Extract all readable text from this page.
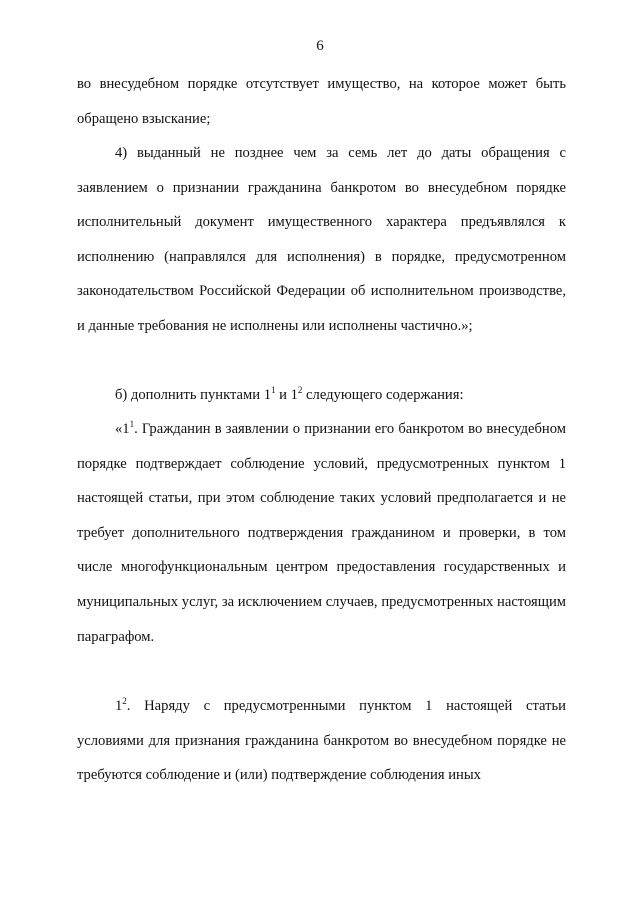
6

во внесудебном порядке отсутствует имущество, на которое может быть обращено взыскание;

4) выданный не позднее чем за семь лет до даты обращения с заявлением о признании гражданина банкротом во внесудебном порядке исполнительный документ имущественного характера предъявлялся к исполнению (направлялся для исполнения) в порядке, предусмотренном законодательством Российской Федерации об исполнительном производстве, и данные требования не исполнены или исполнены частично.»;

б) дополнить пунктами $1^1$ и $1^2$ следующего содержания:

«$1^1$. Гражданин в заявлении о признании его банкротом во внесудебном порядке подтверждает соблюдение условий, предусмотренных пунктом 1 настоящей статьи, при этом соблюдение таких условий предполагается и не требует дополнительного подтверждения гражданином и проверки, в том числе многофункциональным центром предоставления государственных и муниципальных услуг, за исключением случаев, предусмотренных настоящим параграфом.

$1^2$. Наряду с предусмотренными пунктом 1 настоящей статьи условиями для признания гражданина банкротом во внесудебном порядке не требуются соблюдение и (или) подтверждение соблюдения иных
